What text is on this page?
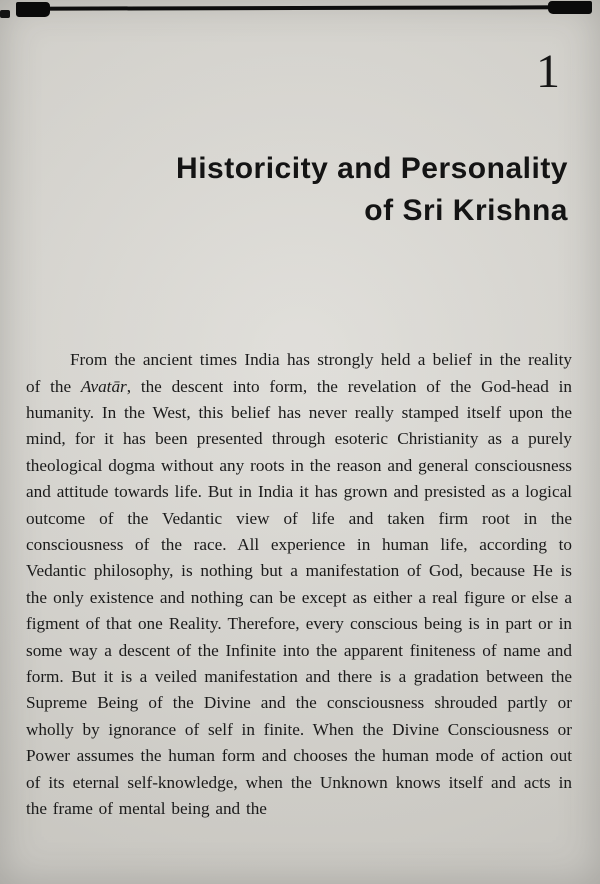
1
Historicity and Personality
of Sri Krishna

From the ancient times India has strongly held a belief in the reality of the Avatār, the descent into form, the revelation of the God-head in humanity. In the West, this belief has never really stamped itself upon the mind, for it has been presented through esoteric Christianity as a purely theological dogma without any roots in the reason and general consciousness and attitude towards life. But in India it has grown and presisted as a logical outcome of the Vedantic view of life and taken firm root in the consciousness of the race. All experience in human life, according to Vedantic philosophy, is nothing but a manifestation of God, because He is the only existence and nothing can be except as either a real figure or else a figment of that one Reality. Therefore, every conscious being is in part or in some way a descent of the Infinite into the apparent finiteness of name and form. But it is a veiled manifestation and there is a gradation between the Supreme Being of the Divine and the consciousness shrouded partly or wholly by ignorance of self in finite. When the Divine Consciousness or Power assumes the human form and chooses the human mode of action out of its eternal self-knowledge, when the Unknown knows itself and acts in the frame of mental being and the
